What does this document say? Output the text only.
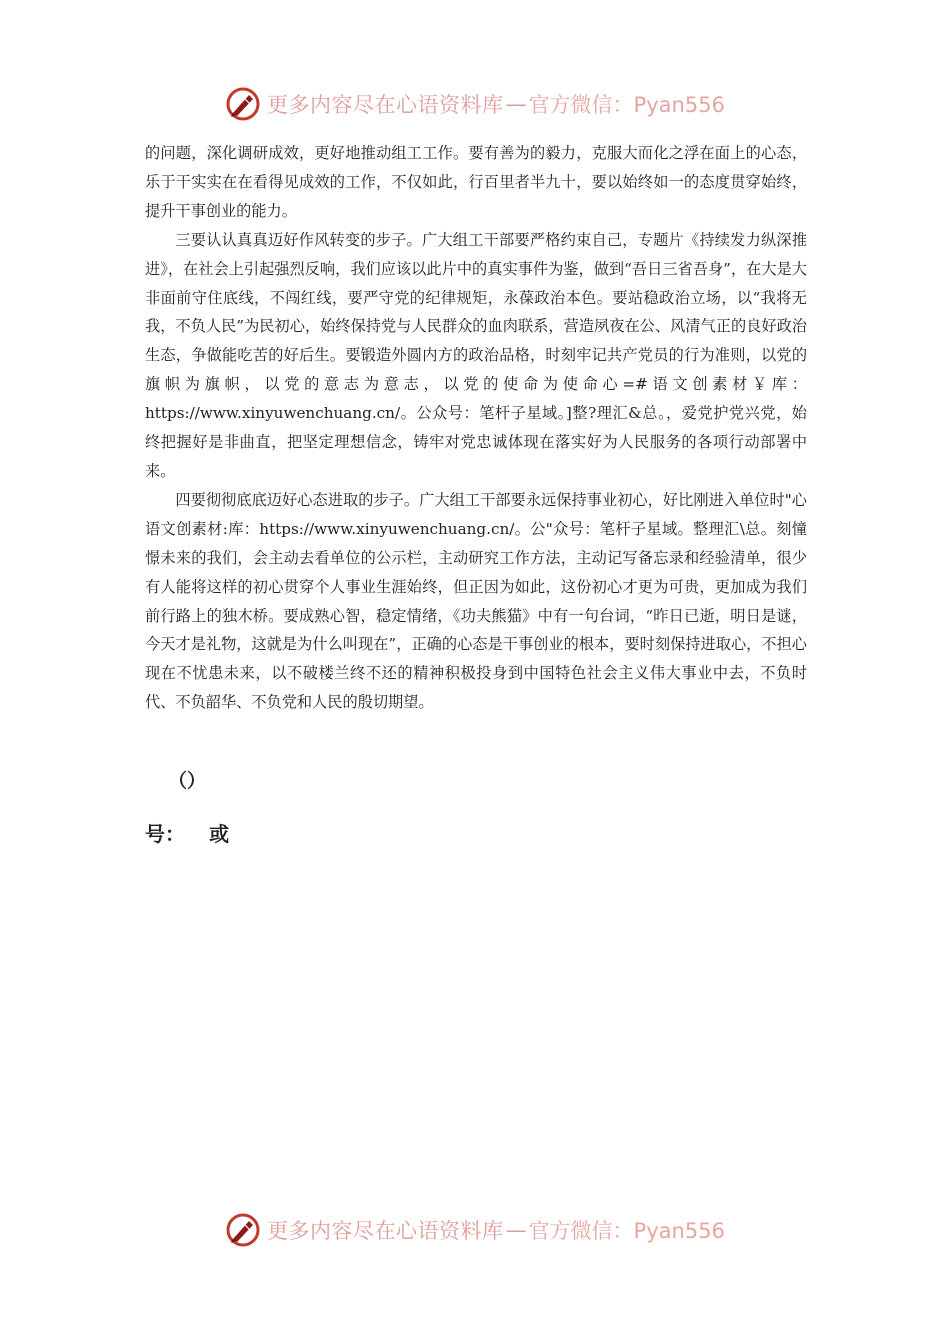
更多内容尽在心语资料库 — 官方微信：Pyan556

的问题，深化调研成效，更好地推动组工工作。要有善为的毅力，克服大而化之浮在面上的心态，乐于干实实在在看得见成效的工作，不仅如此，行百里者半九十，要以始终如一的态度贯穿始终，提升干事创业的能力。

三要认认真真迈好作风转变的步子。广大组工干部要严格约束自己，专题片《持续发力纵深推进》，在社会上引起强烈反响，我们应该以此片中的真实事件为鉴，做到“吾日三省吾身”，在大是大非面前守住底线，不闯红线，要严守党的纪律规矩，永葆政治本色。要站稳政治立场，以“我将无我，不负人民”为民初心，始终保持党与人民群众的血肉联系，营造夙夜在公、风清气正的良好政治生态，争做能吃苦的好后生。要锻造外圆内方的政治品格，时刻牢记共产党员的行为准则，以党的旗帜为旗帜，以党的意志为意志，以党的使命为使命心=#语文创素材￥库：https://www.xinyuwenchuang.cn/。公众号：笔杆子星域。]整?理汇&总。，爱党护党兴党，始终把握好是非曲直，把坚定理想信念，铸牢对党忠诚体现在落实好为人民服务的各项行动部署中来。

四要彻彻底底迈好心态进取的步子。广大组工干部要永远保持事业初心，好比刚进入单位时"心语文创素材:库：https://www.xinyuwenchuang.cn/。公"众号：笔杆子星域。整理汇\总。刻憧憬未来的我们，会主动去看单位的公示栏，主动研究工作方法，主动记写备忘录和经验清单，很少有人能将这样的初心贯穿个人事业生涯始终，但正因为如此，这份初心才更为可贵，更加成为我们前行路上的独木桥。要成熟心智，稳定情绪，《功夫熊猫》中有一句台词，“昨日已逝，明日是谜，今天才是礼物，这就是为什么叫现在”，正确的心态是干事创业的根本，要时刻保持进取心，不担心现在不忧患未来，以不破楼兰终不还的精神积极投身到中国特色社会主义伟大事业中去，不负时代、不负韶华、不负党和人民的殷切期望。

（）
号：  或
更多内容尽在心语资料库 — 官方微信：Pyan556
